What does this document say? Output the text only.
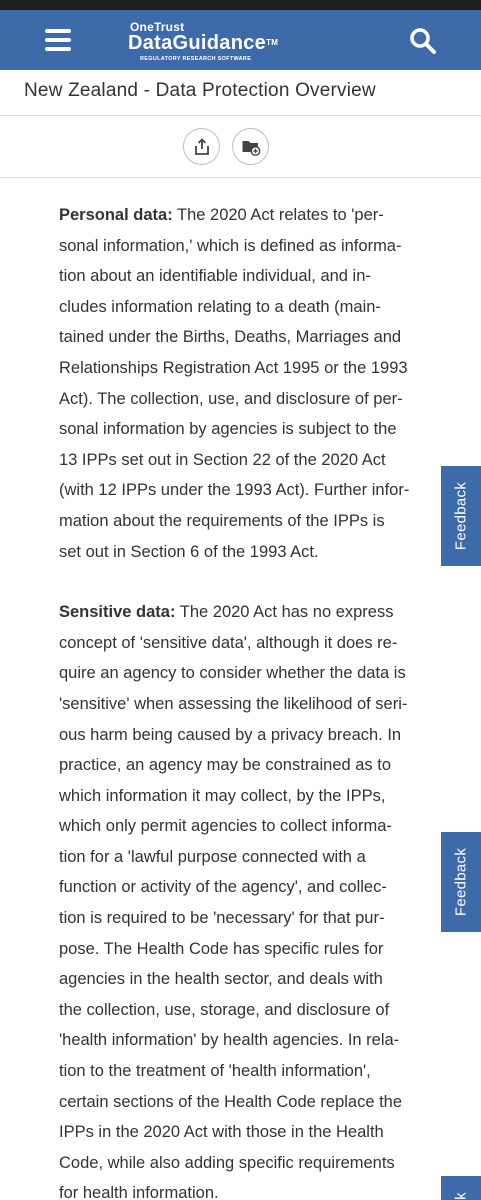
OneTrust
DataGuidance™
REGULATORY RESEARCH SOFTWARE
New Zealand - Data Protection Overview
Personal data: The 2020 Act relates to 'per-
sonal information,' which is defined as informa-
tion about an identifiable individual, and in-
cludes information relating to a death (main-
tained under the Births, Deaths, Marriages and
Relationships Registration Act 1995 or the 1993
Act). The collection, use, and disclosure of per-
sonal information by agencies is subject to the
13 IPPs set out in Section 22 of the 2020 Act
(with 12 IPPs under the 1993 Act). Further infor-
mation about the requirements of the IPPs is
set out in Section 6 of the 1993 Act.
Sensitive data: The 2020 Act has no express
concept of 'sensitive data', although it does re-
quire an agency to consider whether the data is
'sensitive' when assessing the likelihood of seri-
ous harm being caused by a privacy breach. In
practice, an agency may be constrained as to
which information it may collect, by the IPPs,
which only permit agencies to collect informa-
tion for a 'lawful purpose connected with a
function or activity of the agency', and collec-
tion is required to be 'necessary' for that pur-
pose. The Health Code has specific rules for
agencies in the health sector, and deals with
the collection, use, storage, and disclosure of
'health information' by health agencies. In rela-
tion to the treatment of 'health information',
certain sections of the Health Code replace the
IPPs in the 2020 Act with those in the Health
Code, while also adding specific requirements
for health information.
Feedback
Feedback
k
